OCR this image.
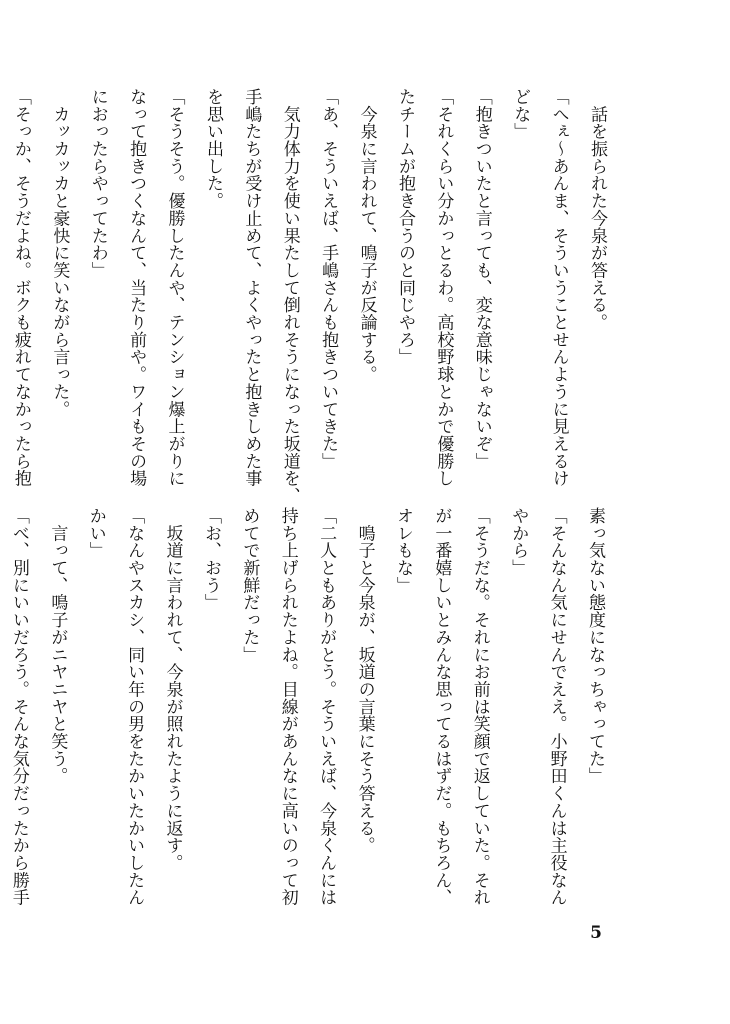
　話を振られた今泉が答える。

「へぇ〜あんま、そういうことせんように見えるけ

どな」

「抱きついたと言っても、変な意味じゃないぞ」

「それくらい分かっとるわ。高校野球とかで優勝し

たチームが抱き合うのと同じやろ」

　今泉に言われて、鳴子が反論する。

「あ、そういえば、手嶋さんも抱きついてきた」

　気力体力を使い果たして倒れそうになった坂道を、

手嶋たちが受け止めて、よくやったと抱きしめた事

を思い出した。

「そうそう。優勝したんや、テンション爆上がりに

なって抱きつくなんて、当たり前や。ワイもその場

におったらやってたわ」

　カッカッカと豪快に笑いながら言った。

「そっか、そうだよね。ボクも疲れてなかったら抱

素っ気ない態度になっちゃってた」

「そんなん気にせんでええ。小野田くんは主役なん

やから」

「そうだな。それにお前は笑顔で返していた。それ

が一番嬉しいとみんな思ってるはずだ。もちろん、

オレもな」

　鳴子と今泉が、坂道の言葉にそう答える。

「二人ともありがとう。そういえば、今泉くんには

持ち上げられたよね。目線があんなに高いのって初

めてで新鮮だった」

「お、おう」

　坂道に言われて、今泉が照れたように返す。

「なんやスカシ、同い年の男をたかいたかいしたん

かい」

　言って、鳴子がニヤニヤと笑う。

「べ、別にいいだろう。そんな気分だったから勝手

5
